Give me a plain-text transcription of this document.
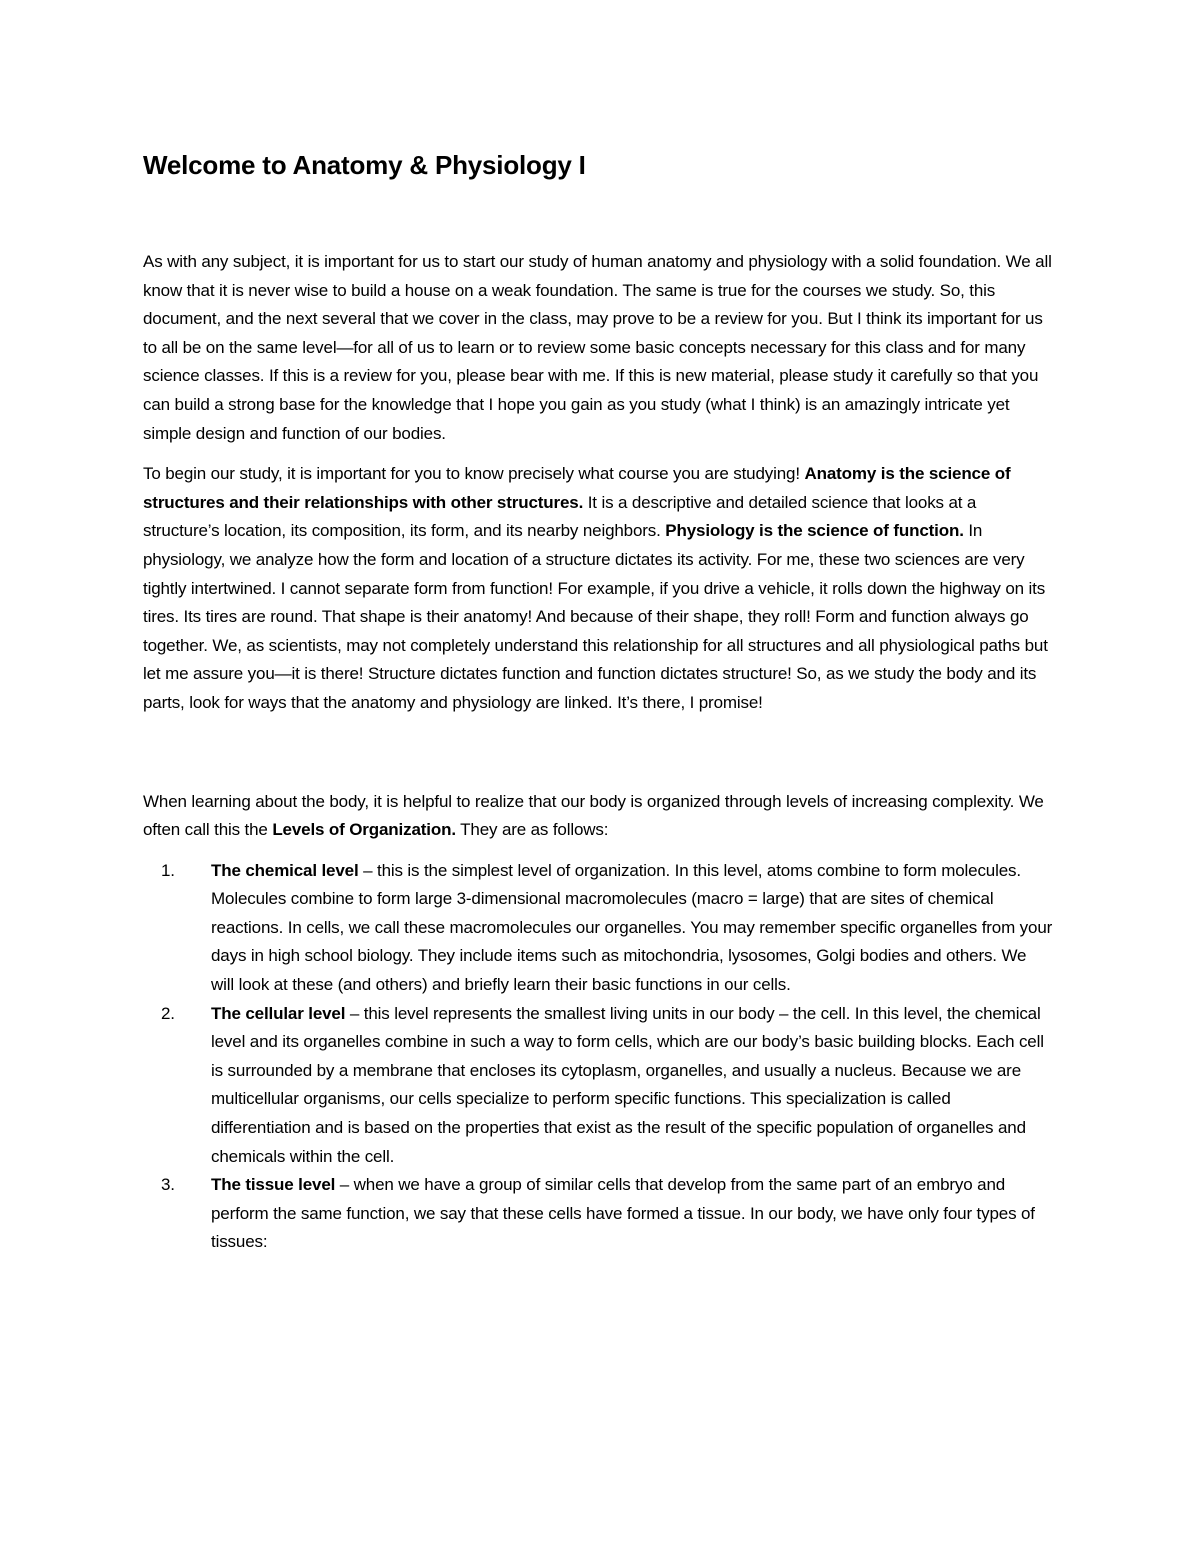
Welcome to Anatomy & Physiology I

As with any subject, it is important for us to start our study of human anatomy and physiology with a solid foundation. We all know that it is never wise to build a house on a weak foundation. The same is true for the courses we study. So, this document, and the next several that we cover in the class, may prove to be a review for you. But I think its important for us to all be on the same level—for all of us to learn or to review some basic concepts necessary for this class and for many science classes. If this is a review for you, please bear with me. If this is new material, please study it carefully so that you can build a strong base for the knowledge that I hope you gain as you study (what I think) is an amazingly intricate yet simple design and function of our bodies.

To begin our study, it is important for you to know precisely what course you are studying! Anatomy is the science of structures and their relationships with other structures. It is a descriptive and detailed science that looks at a structure’s location, its composition, its form, and its nearby neighbors. Physiology is the science of function. In physiology, we analyze how the form and location of a structure dictates its activity. For me, these two sciences are very tightly intertwined. I cannot separate form from function! For example, if you drive a vehicle, it rolls down the highway on its tires. Its tires are round. That shape is their anatomy! And because of their shape, they roll! Form and function always go together. We, as scientists, may not completely understand this relationship for all structures and all physiological paths but let me assure you—it is there! Structure dictates function and function dictates structure! So, as we study the body and its parts, look for ways that the anatomy and physiology are linked. It’s there, I promise!

When learning about the body, it is helpful to realize that our body is organized through levels of increasing complexity. We often call this the Levels of Organization. They are as follows:

1. The chemical level – this is the simplest level of organization. In this level, atoms combine to form molecules. Molecules combine to form large 3-dimensional macromolecules (macro = large) that are sites of chemical reactions. In cells, we call these macromolecules our organelles. You may remember specific organelles from your days in high school biology. They include items such as mitochondria, lysosomes, Golgi bodies and others. We will look at these (and others) and briefly learn their basic functions in our cells.
2. The cellular level – this level represents the smallest living units in our body – the cell. In this level, the chemical level and its organelles combine in such a way to form cells, which are our body’s basic building blocks. Each cell is surrounded by a membrane that encloses its cytoplasm, organelles, and usually a nucleus. Because we are multicellular organisms, our cells specialize to perform specific functions. This specialization is called differentiation and is based on the properties that exist as the result of the specific population of organelles and chemicals within the cell.
3. The tissue level – when we have a group of similar cells that develop from the same part of an embryo and perform the same function, we say that these cells have formed a tissue. In our body, we have only four types of tissues:
